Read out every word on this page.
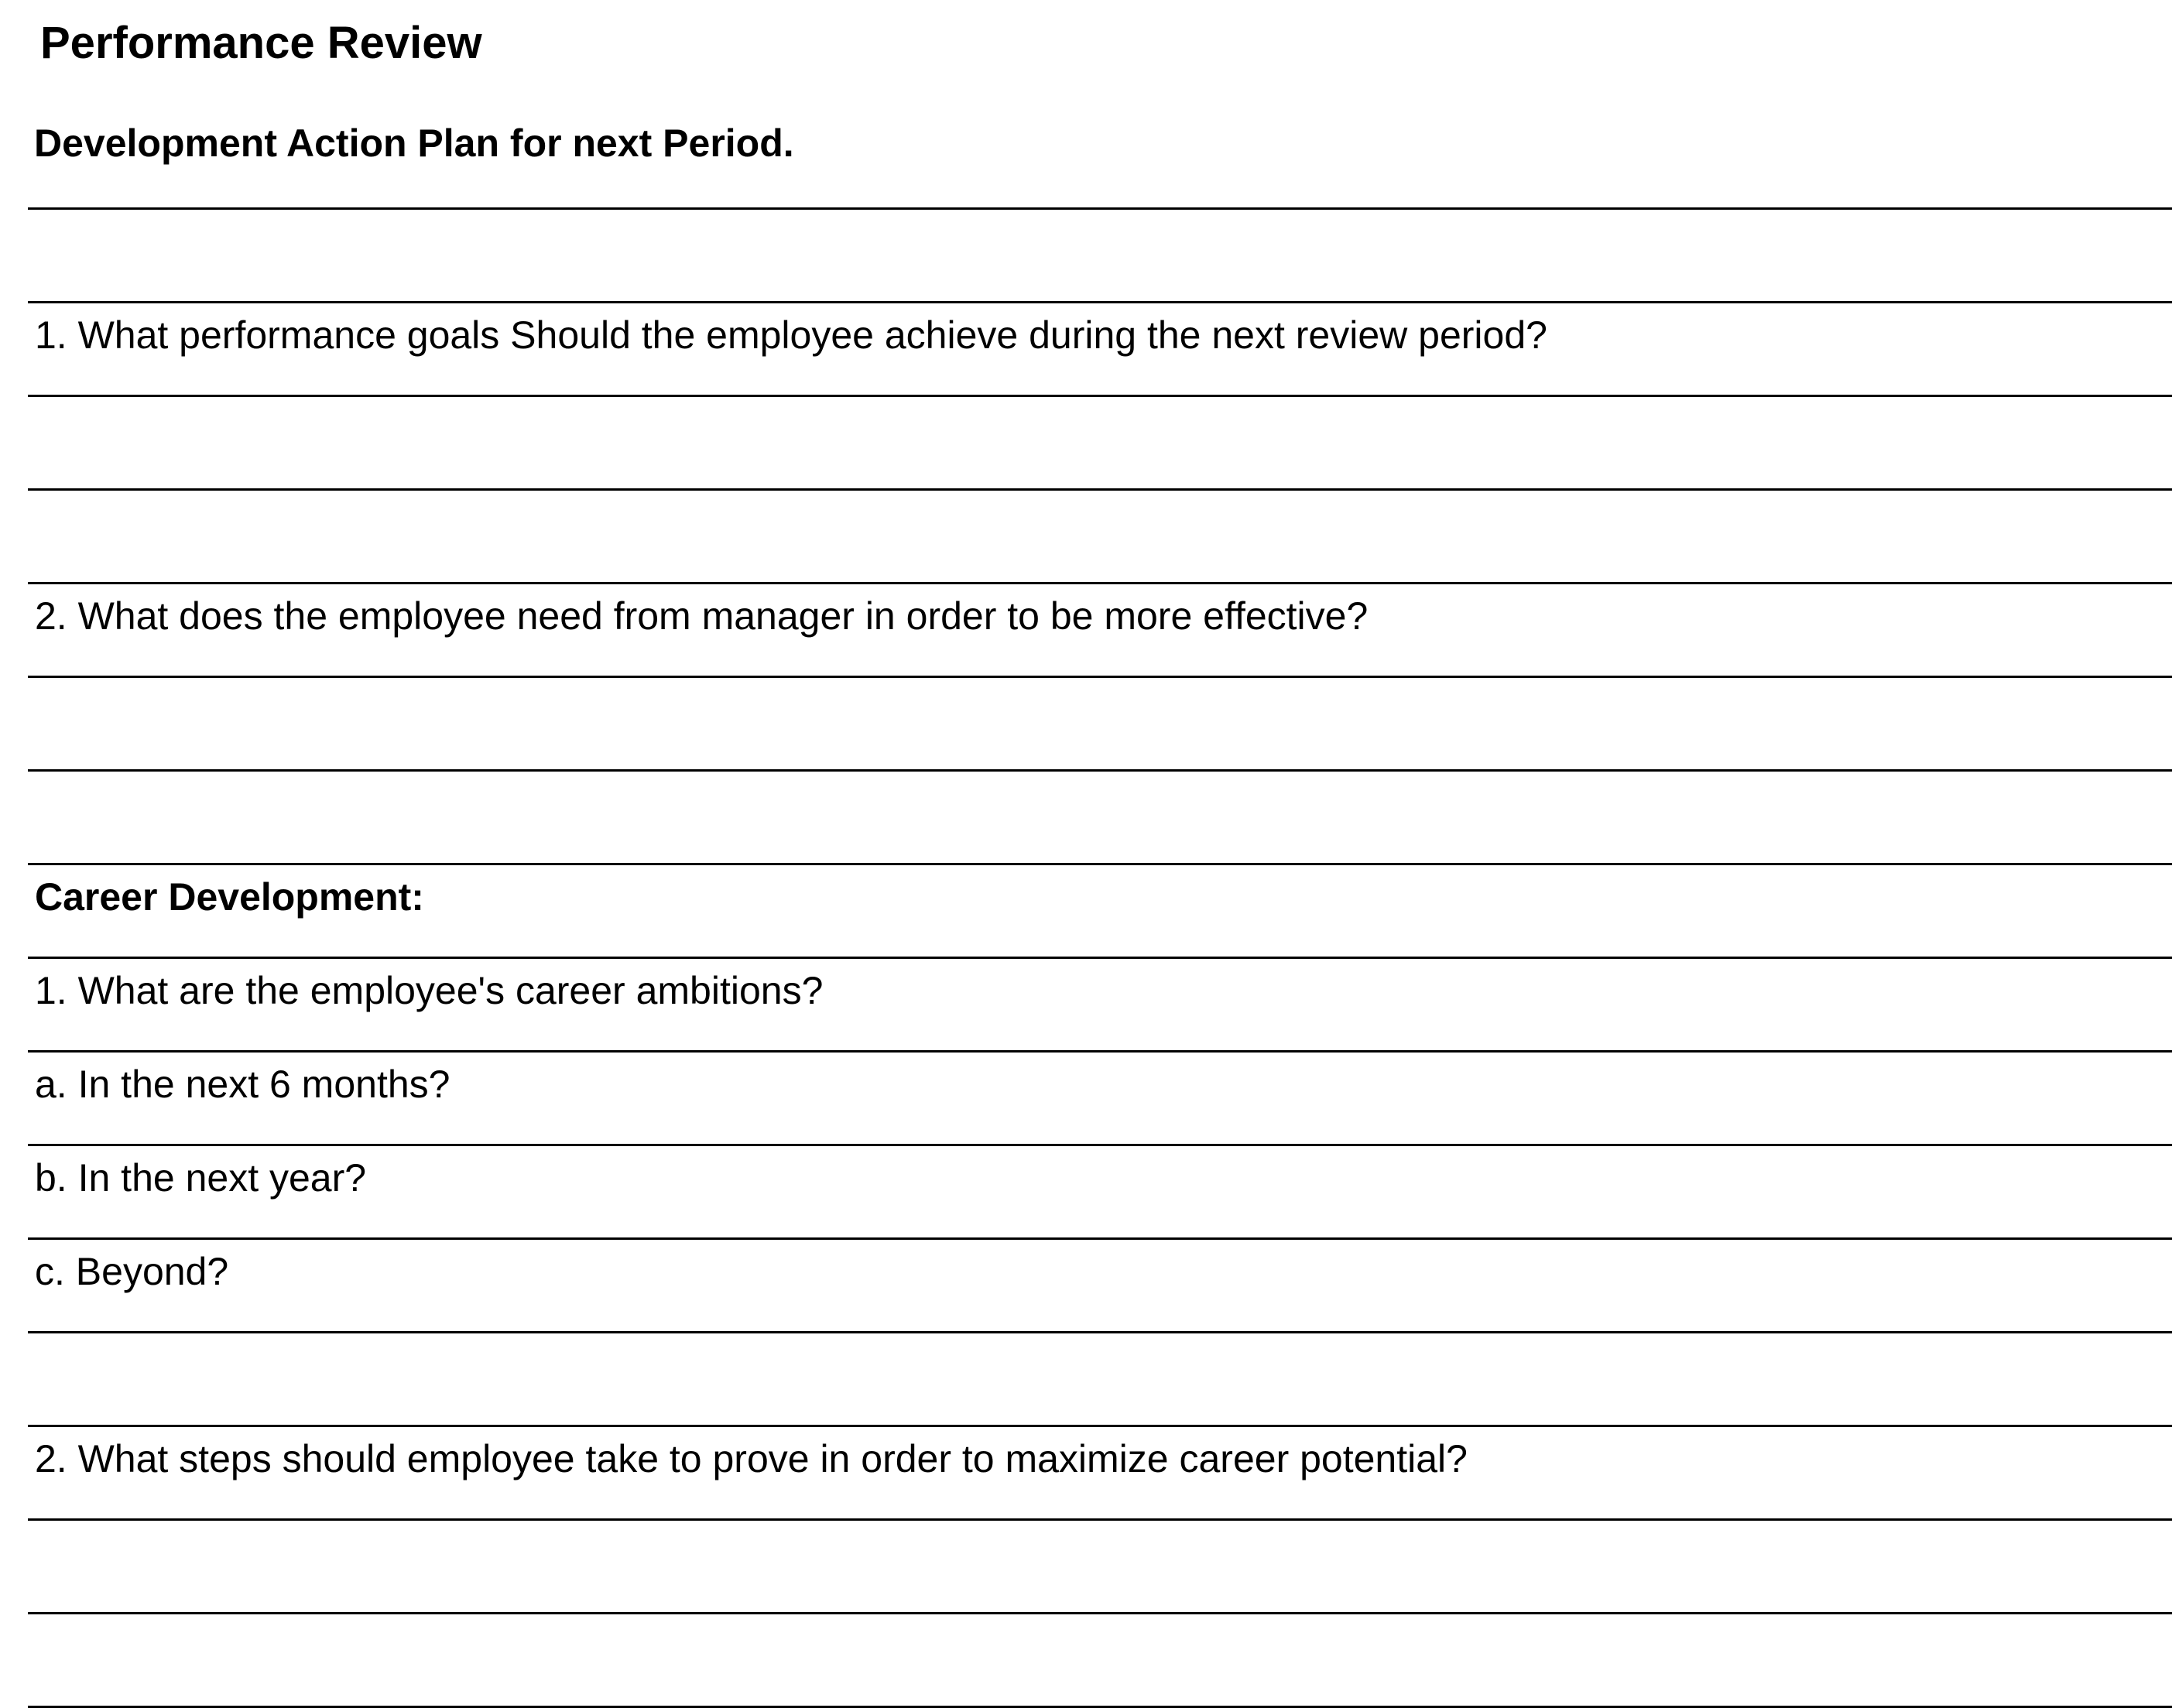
Performance Review
Development Action Plan for next Period.
1. What performance goals Should the employee achieve during the next review period?
2. What does the employee need from manager in order to be more effective?
Career Development:
1. What are the employee's career ambitions?
a. In the next 6 months?
b. In the next year?
c. Beyond?
2. What steps should employee take to prove in order to maximize career potential?
